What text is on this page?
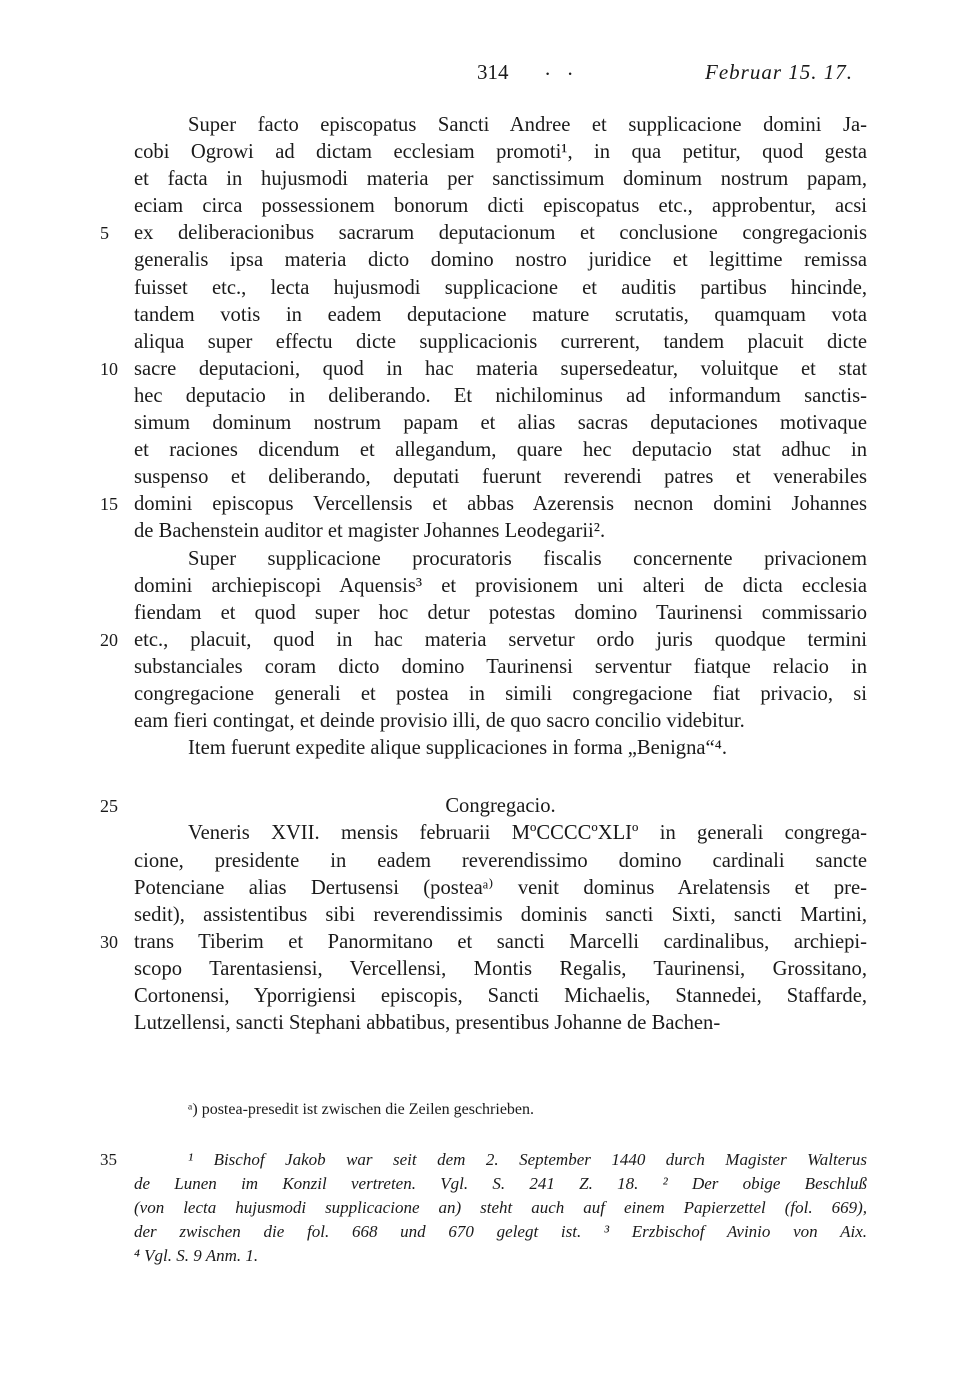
314 . .	Februar 15. 17.
Super facto episcopatus Sancti Andree et supplicacione domini Ja-
cobi Ogrowi ad dictam ecclesiam promoti¹, in qua petitur, quod gesta
et facta in hujusmodi materia per sanctissimum dominum nostrum papam,
eciam circa possessionem bonorum dicti episcopatus etc., approbentur, acsi
5	ex deliberacionibus sacrarum deputacionum et conclusione congregacionis
generalis ipsa materia dicto domino nostro juridice et legittime remissa
fuisset etc., lecta hujusmodi supplicacione et auditis partibus hincinde,
tandem votis in eadem deputacione mature scrutatis, quamquam vota
aliqua super effectu dicte supplicacionis currerent, tandem placuit dicte
10 sacre deputacioni, quod in hac materia supersedeatur, voluitque et stat
hec deputacio in deliberando. Et nichilominus ad informandum sanctis-
simum dominum nostrum papam et alias sacras deputaciones motivaque
et raciones dicendum et allegandum, quare hec deputacio stat adhuc in
suspenso et deliberando, deputati fuerunt reverendi patres et venerabiles
15 domini episcopus Vercellensis et abbas Azerensis necnon domini Johannes
de Bachenstein auditor et magister Johannes Leodegarii².
Super supplicacione procuratoris fiscalis concernente privacionem
domini archiepiscopi Aquensis³ et provisionem uni alteri de dicta ecclesia
fiendam et quod super hoc detur potestas domino Taurinensi commissario
20 etc., placuit, quod in hac materia servetur ordo juris quodque termini
substanciales coram dicto domino Taurinensi serventur fiatque relacio in
congregacione generali et postea in simili congregacione fiat privacio, si
eam fieri contingat, et deinde provisio illi, de quo sacro concilio videbitur.
Item fuerunt expedite alique supplicaciones in forma „Benigna“⁴.
25	Congregacio.
Veneris XVII. mensis februarii MºCCCCºXLIº in generali congrega-
cione, presidente in eadem reverendissimo domino cardinali sancte
Potenciane alias Dertusensi (posteaᵃ⁾ venit dominus Arelatensis et pre-
sedit), assistentibus sibi reverendissimis dominis sancti Sixti, sancti Martini,
30 trans Tiberim et Panormitano et sancti Marcelli cardinalibus, archiepi-
scopo Tarentasiensi, Vercellensi, Montis Regalis, Taurinensi, Grossitano,
Cortonensi, Yporrigiensi episcopis, Sancti Michaelis, Stannedei, Staffarde,
Lutzellensi, sancti Stephani abbatibus, presentibus Johanne de Bachen-
ᵃ) postea-presedit ist zwischen die Zeilen geschrieben.
35	¹ Bischof Jakob war seit dem 2. September 1440 durch Magister Walterus
de Lunen im Konzil vertreten. Vgl. S. 241 Z. 18. ² Der obige Beschluß
(von lecta hujusmodi supplicacione an) steht auch auf einem Papierzettel (fol. 669),
der zwischen die fol. 668 und 670 gelegt ist. ³ Erzbischof Avinio von Aix.
⁴ Vgl. S. 9 Anm. 1.
